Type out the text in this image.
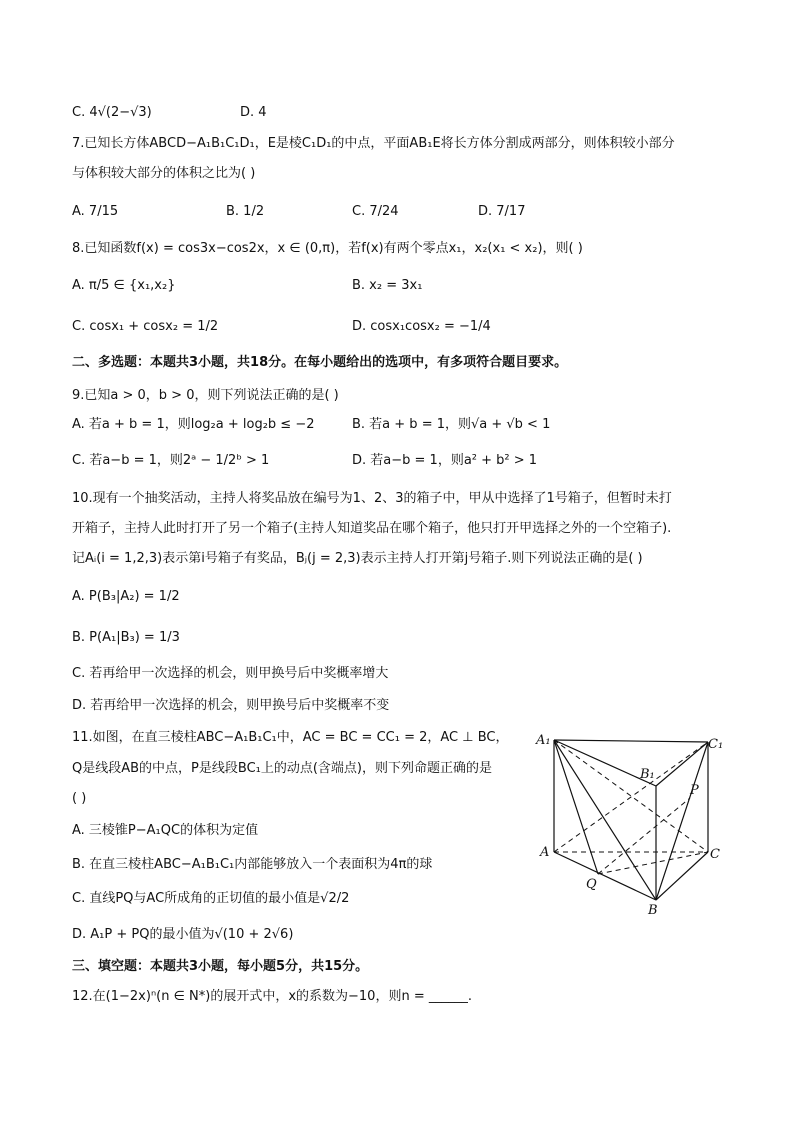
C. 4√(2−√3)	D. 4
7.已知长方体ABCD−A₁B₁C₁D₁，E是棱C₁D₁的中点，平面AB₁E将长方体分割成两部分，则体积较小部分
与体积较大部分的体积之比为( )
A. 7/15	B. 1/2	C. 7/24	D. 7/17
8.已知函数f(x) = cos3x−cos2x，x ∈ (0,π)，若f(x)有两个零点x₁，x₂(x₁ < x₂)，则( )
A. π/5 ∈ {x₁,x₂}	B. x₂ = 3x₁
C. cosx₁ + cosx₂ = 1/2	D. cosx₁cosx₂ = −1/4
二、多选题：本题共3小题，共18分。在每小题给出的选项中，有多项符合题目要求。
9.已知a > 0，b > 0，则下列说法正确的是( )
A. 若a + b = 1，则log₂a + log₂b ≤ −2	B. 若a + b = 1，则√a + √b < 1
C. 若a−b = 1，则2ᵃ − 1/2ᵇ > 1	D. 若a−b = 1，则a² + b² > 1
10.现有一个抽奖活动，主持人将奖品放在编号为1、2、3的箱子中，甲从中选择了1号箱子，但暂时未打
开箱子，主持人此时打开了另一个箱子(主持人知道奖品在哪个箱子，他只打开甲选择之外的一个空箱子).
记Aᵢ(i = 1,2,3)表示第i号箱子有奖品，Bⱼ(j = 2,3)表示主持人打开第j号箱子.则下列说法正确的是( )
A. P(B₃|A₂) = 1/2
B. P(A₁|B₃) = 1/3
C. 若再给甲一次选择的机会，则甲换号后中奖概率增大
D. 若再给甲一次选择的机会，则甲换号后中奖概率不变
11.如图，在直三棱柱ABC−A₁B₁C₁中，AC = BC = CC₁ = 2，AC ⊥ BC，
Q是线段AB的中点，P是线段BC₁上的动点(含端点)，则下列命题正确的是
( )
A. 三棱锥P−A₁QC的体积为定值
B. 在直三棱柱ABC−A₁B₁C₁内部能够放入一个表面积为4π的球
C. 直线PQ与AC所成角的正切值的最小值是√2/2
D. A₁P + PQ的最小值为√(10 + 2√6)
A₁	C₁
B₁
P
A	C
Q
B
三、填空题：本题共3小题，每小题5分，共15分。
12.在(1−2x)ⁿ(n ∈ N*)的展开式中，x的系数为−10，则n = ______.
